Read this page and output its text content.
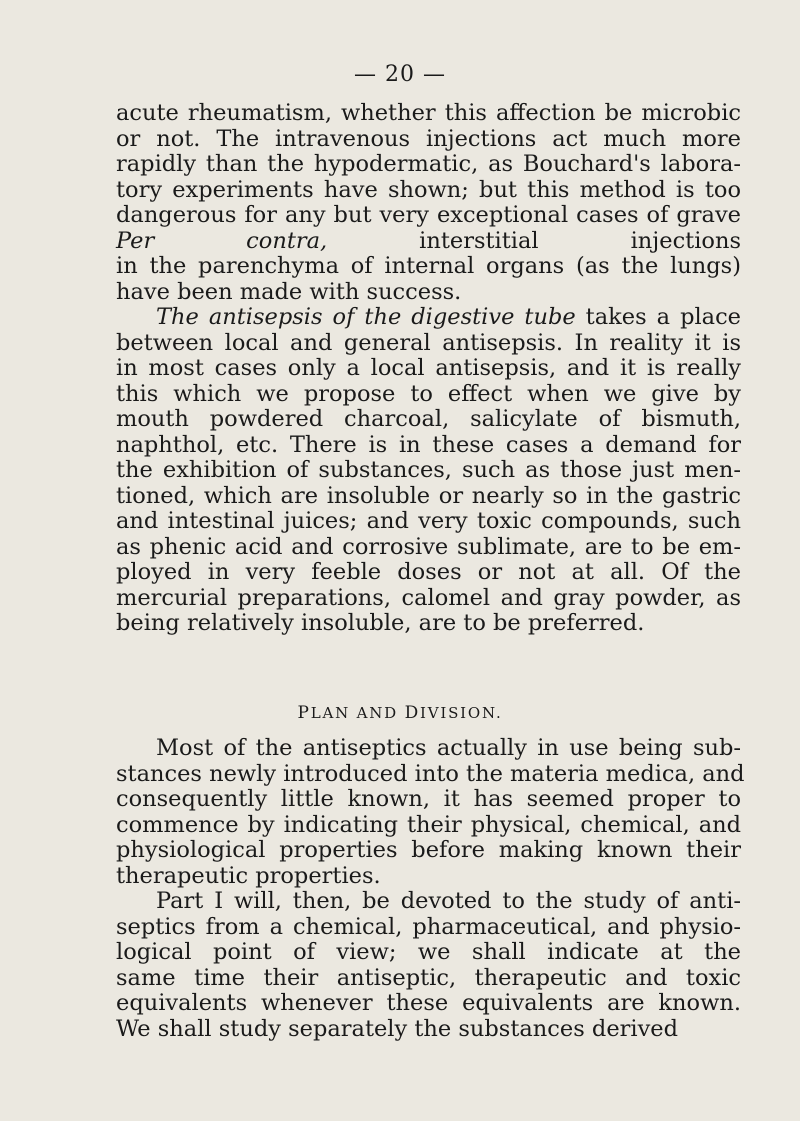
— 20 —
acute rheumatism, whether this affection be microbic
or not. The intravenous injections act much more
rapidly than the hypodermatic, as Bouchard's labora-
tory experiments have shown; but this method is too
dangerous for any but very exceptional cases of grave
Per contra, interstitial injections
in the parenchyma of internal organs (as the lungs)
have been made with success.
The antisepsis of the digestive tube takes a place
between local and general antisepsis. In reality it is
in most cases only a local antisepsis, and it is really
this which we propose to effect when we give by
mouth powdered charcoal, salicylate of bismuth,
naphthol, etc. There is in these cases a demand for
the exhibition of substances, such as those just men-
tioned, which are insoluble or nearly so in the gastric
and intestinal juices; and very toxic compounds, such
as phenic acid and corrosive sublimate, are to be em-
ployed in very feeble doses or not at all. Of the
mercurial preparations, calomel and gray powder, as
being relatively insoluble, are to be preferred.
PLAN AND DIVISION.
Most of the antiseptics actually in use being sub-
stances newly introduced into the materia medica, and
consequently little known, it has seemed proper to
commence by indicating their physical, chemical, and
physiological properties before making known their
therapeutic properties.
Part I will, then, be devoted to the study of anti-
septics from a chemical, pharmaceutical, and physio-
logical point of view; we shall indicate at the
same time their antiseptic, therapeutic and toxic
equivalents whenever these equivalents are known.
We shall study separately the substances derived
